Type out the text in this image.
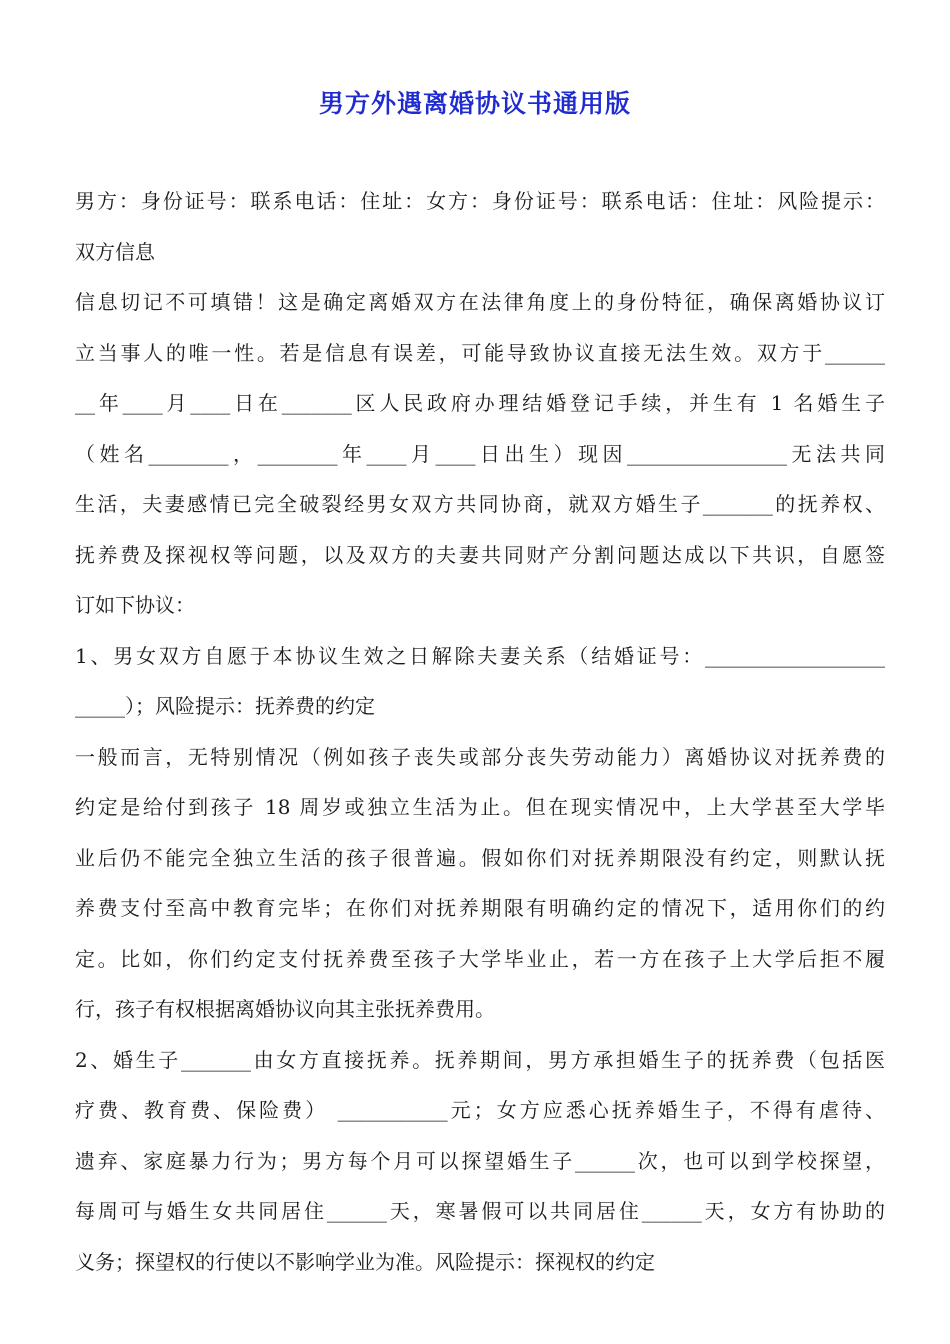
男方外遇离婚协议书通用版
男方：身份证号：联系电话：住址：女方：身份证号：联系电话：住址：风险提示：
双方信息
信息切记不可填错！这是确定离婚双方在法律角度上的身份特征，确保离婚协议订
立当事人的唯一性。若是信息有误差，可能导致协议直接无法生效。双方于______
__年____月____日在_______区人民政府办理结婚登记手续，并生有 1 名婚生子
（姓名________，________年____月____日出生）现因________________无法共同
生活，夫妻感情已完全破裂经男女双方共同协商，就双方婚生子_______的抚养权、
抚养费及探视权等问题，以及双方的夫妻共同财产分割问题达成以下共识，自愿签
订如下协议：
1、男女双方自愿于本协议生效之日解除夫妻关系（结婚证号：__________________
_____）；风险提示：抚养费的约定
一般而言，无特别情况（例如孩子丧失或部分丧失劳动能力）离婚协议对抚养费的
约定是给付到孩子 18 周岁或独立生活为止。但在现实情况中，上大学甚至大学毕
业后仍不能完全独立生活的孩子很普遍。假如你们对抚养期限没有约定，则默认抚
养费支付至高中教育完毕；在你们对抚养期限有明确约定的情况下，适用你们的约
定。比如，你们约定支付抚养费至孩子大学毕业止，若一方在孩子上大学后拒不履
行，孩子有权根据离婚协议向其主张抚养费用。
2、婚生子_______由女方直接抚养。抚养期间，男方承担婚生子的抚养费（包括医
疗费、教育费、保险费） ___________元；女方应悉心抚养婚生子，不得有虐待、
遗弃、家庭暴力行为；男方每个月可以探望婚生子______次，也可以到学校探望，
每周可与婚生女共同居住______天，寒暑假可以共同居住______天，女方有协助的
义务；探望权的行使以不影响学业为准。风险提示：探视权的约定
